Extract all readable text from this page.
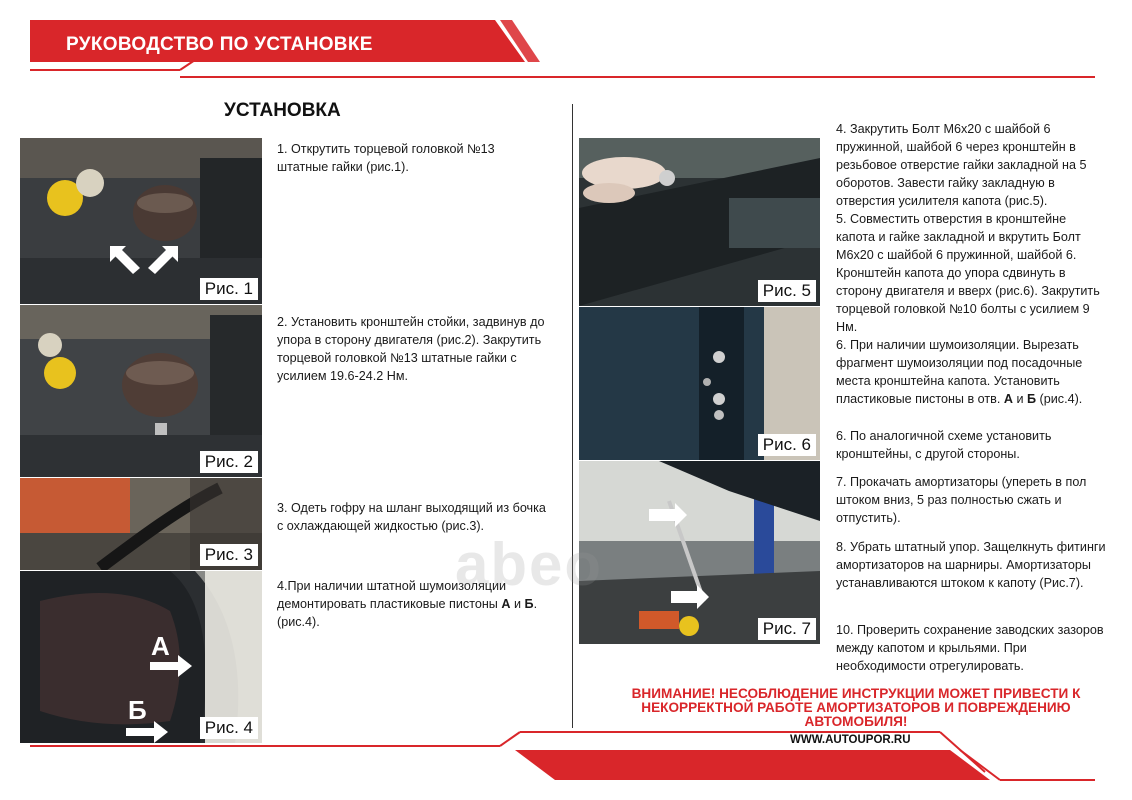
РУКОВОДСТВО ПО УСТАНОВКЕ
УСТАНОВКА
Рис. 1
Рис. 2
Рис. 3
А
Б
Рис. 4
1. Открутить торцевой головкой №13 штатные гайки (рис.1).
2. Установить кронштейн стойки, задвинув до упора в сторону двигателя (рис.2). Закрутить торцевой головкой №13 штатные гайки с усилием 19.6-24.2 Нм.
3. Одеть гофру на шланг выходящий из бочка с охлаждающей жидкостью (рис.3).
4.При наличии штатной шумоизоляции демонтировать пластиковые пистоны А и Б. (рис.4).
Рис. 5
Рис. 6
Рис. 7
4. Закрутить Болт М6х20 с шайбой 6 пружинной, шайбой 6 через кронштейн в резьбовое отверстие гайки закладной на 5 оборотов. Завести гайку закладную в отверстия усилителя капота (рис.5).
5. Совместить отверстия в кронштейне капота и гайке закладной и вкрутить Болт М6х20 с шайбой 6 пружинной, шайбой 6. Кронштейн капота до упора сдвинуть в сторону двигателя и вверх (рис.6). Закрутить торцевой головкой №10 болты с усилием 9 Нм.
6. При наличии шумоизоляции. Вырезать фрагмент шумоизоляции под посадочные места кронштейна капота. Установить пластиковые пистоны в отв. А и Б (рис.4).
6. По аналогичной схеме установить кронштейны, с другой стороны.
7. Прокачать амортизаторы (упереть в пол штоком вниз, 5 раз полностью сжать и отпустить).
8. Убрать штатный упор. Защелкнуть фитинги амортизаторов на шарниры. Амортизаторы устанавливаются штоком к капоту (Рис.7).
10. Проверить сохранение заводских зазоров между капотом и крыльями. При необходимости отрегулировать.
abeo
ВНИМАНИЕ! НЕСОБЛЮДЕНИЕ ИНСТРУКЦИИ МОЖЕТ ПРИВЕСТИ К НЕКОРРЕКТНОЙ РАБОТЕ АМОРТИЗАТОРОВ И ПОВРЕЖДЕНИЮ АВТОМОБИЛЯ!
WWW.AUTOUPOR.RU
